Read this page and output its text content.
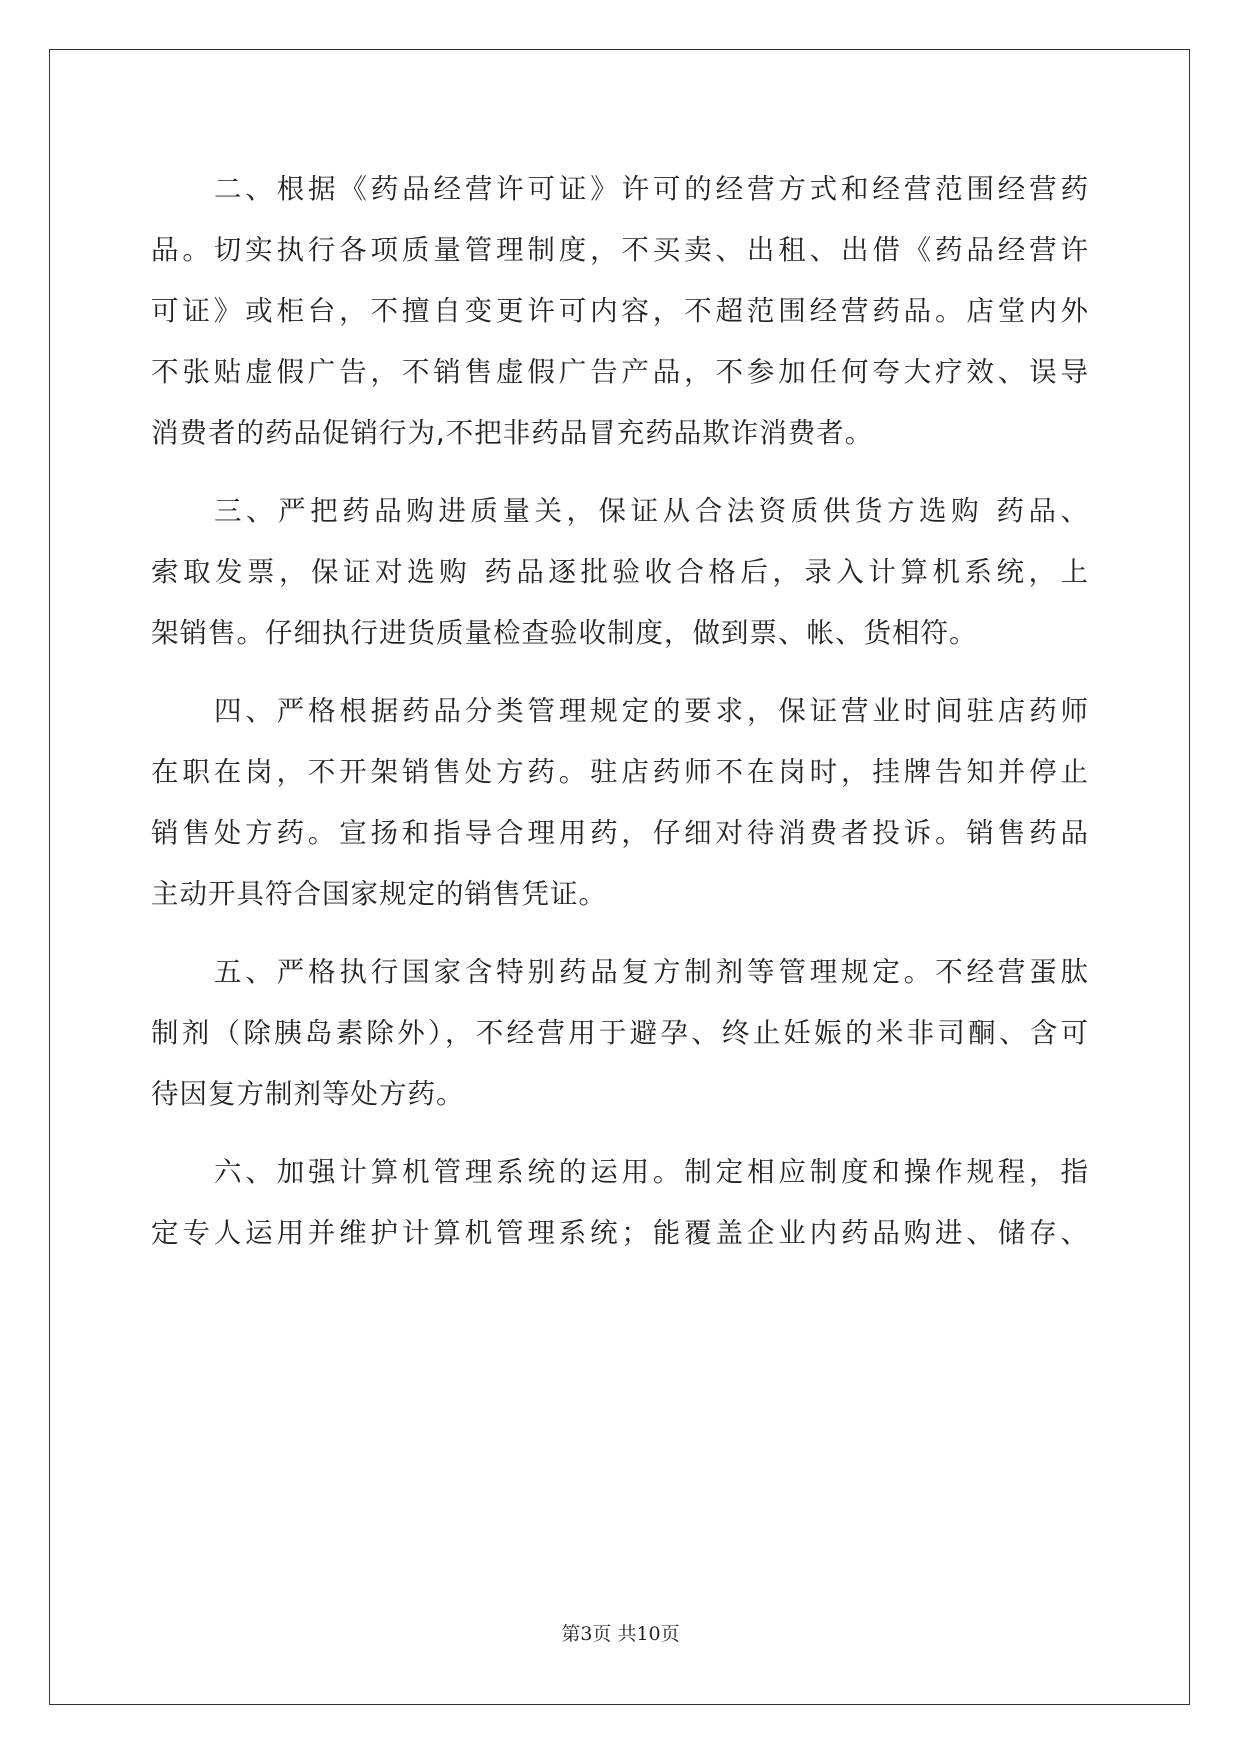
二、根据《药品经营许可证》许可的经营方式和经营范围经营药
品。切实执行各项质量管理制度，不买卖、出租、出借《药品经营许
可证》或柜台，不擅自变更许可内容，不超范围经营药品。店堂内外
不张贴虚假广告，不销售虚假广告产品，不参加任何夸大疗效、误导
消费者的药品促销行为,不把非药品冒充药品欺诈消费者。
三、严把药品购进质量关，保证从合法资质供货方选购 药品、
索取发票，保证对选购 药品逐批验收合格后，录入计算机系统，上
架销售。仔细执行进货质量检查验收制度，做到票、帐、货相符。
四、严格根据药品分类管理规定的要求，保证营业时间驻店药师
在职在岗，不开架销售处方药。驻店药师不在岗时，挂牌告知并停止
销售处方药。宣扬和指导合理用药，仔细对待消费者投诉。销售药品
主动开具符合国家规定的销售凭证。
五、严格执行国家含特别药品复方制剂等管理规定。不经营蛋肽
制剂（除胰岛素除外），不经营用于避孕、终止妊娠的米非司酮、含可
待因复方制剂等处方药。
六、加强计算机管理系统的运用。制定相应制度和操作规程，指
定专人运用并维护计算机管理系统；能覆盖企业内药品购进、储存、
第3页 共10页
